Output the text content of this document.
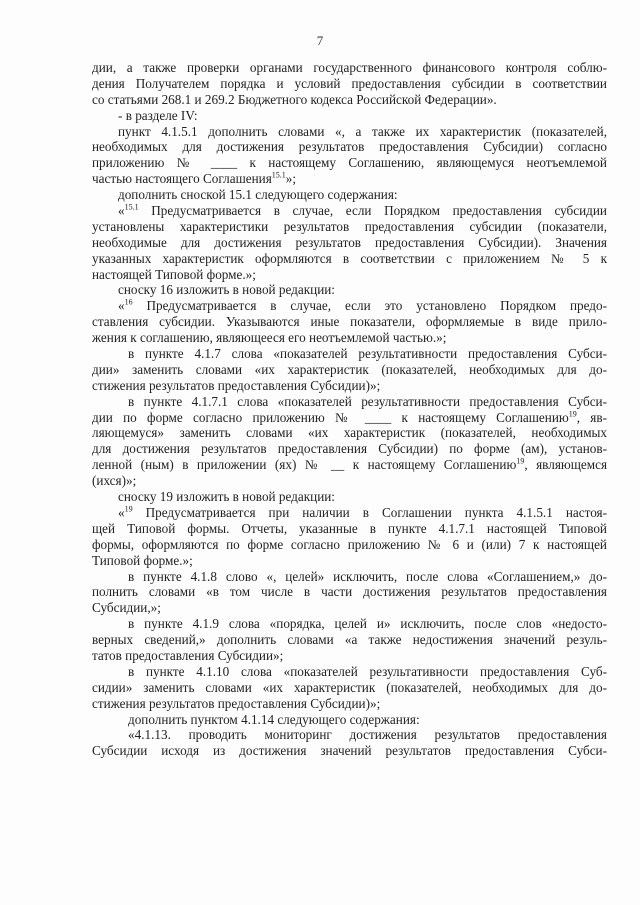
7
дии, а также проверки органами государственного финансового контроля соблю-
дения Получателем порядка и условий предоставления субсидии в соответствии
со статьями 268.1 и 269.2 Бюджетного кодекса Российской Федерации».
- в разделе IV:
пункт 4.1.5.1 дополнить словами «, а также их характеристик (показателей,
необходимых для достижения результатов предоставления Субсидии) согласно
приложению № ____ к настоящему Соглашению, являющемуся неотъемлемой
частью настоящего Соглашения$^{15.1}$»;
дополнить сноской 15.1 следующего содержания:
«$^{15.1}$ Предусматривается в случае, если Порядком предоставления субсидии
установлены характеристики результатов предоставления субсидии (показатели,
необходимые для достижения результатов предоставления Субсидии). Значения
указанных характеристик оформляются в соответствии с приложением № 5 к
настоящей Типовой форме.»;
сноску 16 изложить в новой редакции:
«$^{16}$ Предусматривается в случае, если это установлено Порядком предо-
ставления субсидии. Указываются иные показатели, оформляемые в виде прило-
жения к соглашению, являющееся его неотъемлемой частью.»;
в пункте 4.1.7 слова «показателей результативности предоставления Субси-
дии» заменить словами «их характеристик (показателей, необходимых для до-
стижения результатов предоставления Субсидии)»;
в пункте 4.1.7.1 слова «показателей результативности предоставления Субси-
дии по форме согласно приложению № ____ к настоящему Соглашению$^{19}$, яв-
ляющемуся» заменить словами «их характеристик (показателей, необходимых
для достижения результатов предоставления Субсидии) по форме (ам), установ-
ленной (ным) в приложении (ях) № __ к настоящему Соглашению$^{19}$, являющемся
(ихся)»;
сноску 19 изложить в новой редакции:
«$^{19}$ Предусматривается при наличии в Соглашении пункта 4.1.5.1 настоя-
щей Типовой формы. Отчеты, указанные в пункте 4.1.7.1 настоящей Типовой
формы, оформляются по форме согласно приложению № 6 и (или) 7 к настоящей
Типовой форме.»;
в пункте 4.1.8 слово «, целей» исключить, после слова «Соглашением,» до-
полнить словами «в том числе в части достижения результатов предоставления
Субсидии,»;
в пункте 4.1.9 слова «порядка, целей и» исключить, после слов «недосто-
верных сведений,» дополнить словами «а также недостижения значений резуль-
татов предоставления Субсидии»;
в пункте 4.1.10 слова «показателей результативности предоставления Суб-
сидии» заменить словами «их характеристик (показателей, необходимых для до-
стижения результатов предоставления Субсидии)»;
дополнить пунктом 4.1.14 следующего содержания:
«4.1.13. проводить мониторинг достижения результатов предоставления
Субсидии исходя из достижения значений результатов предоставления Субси-
